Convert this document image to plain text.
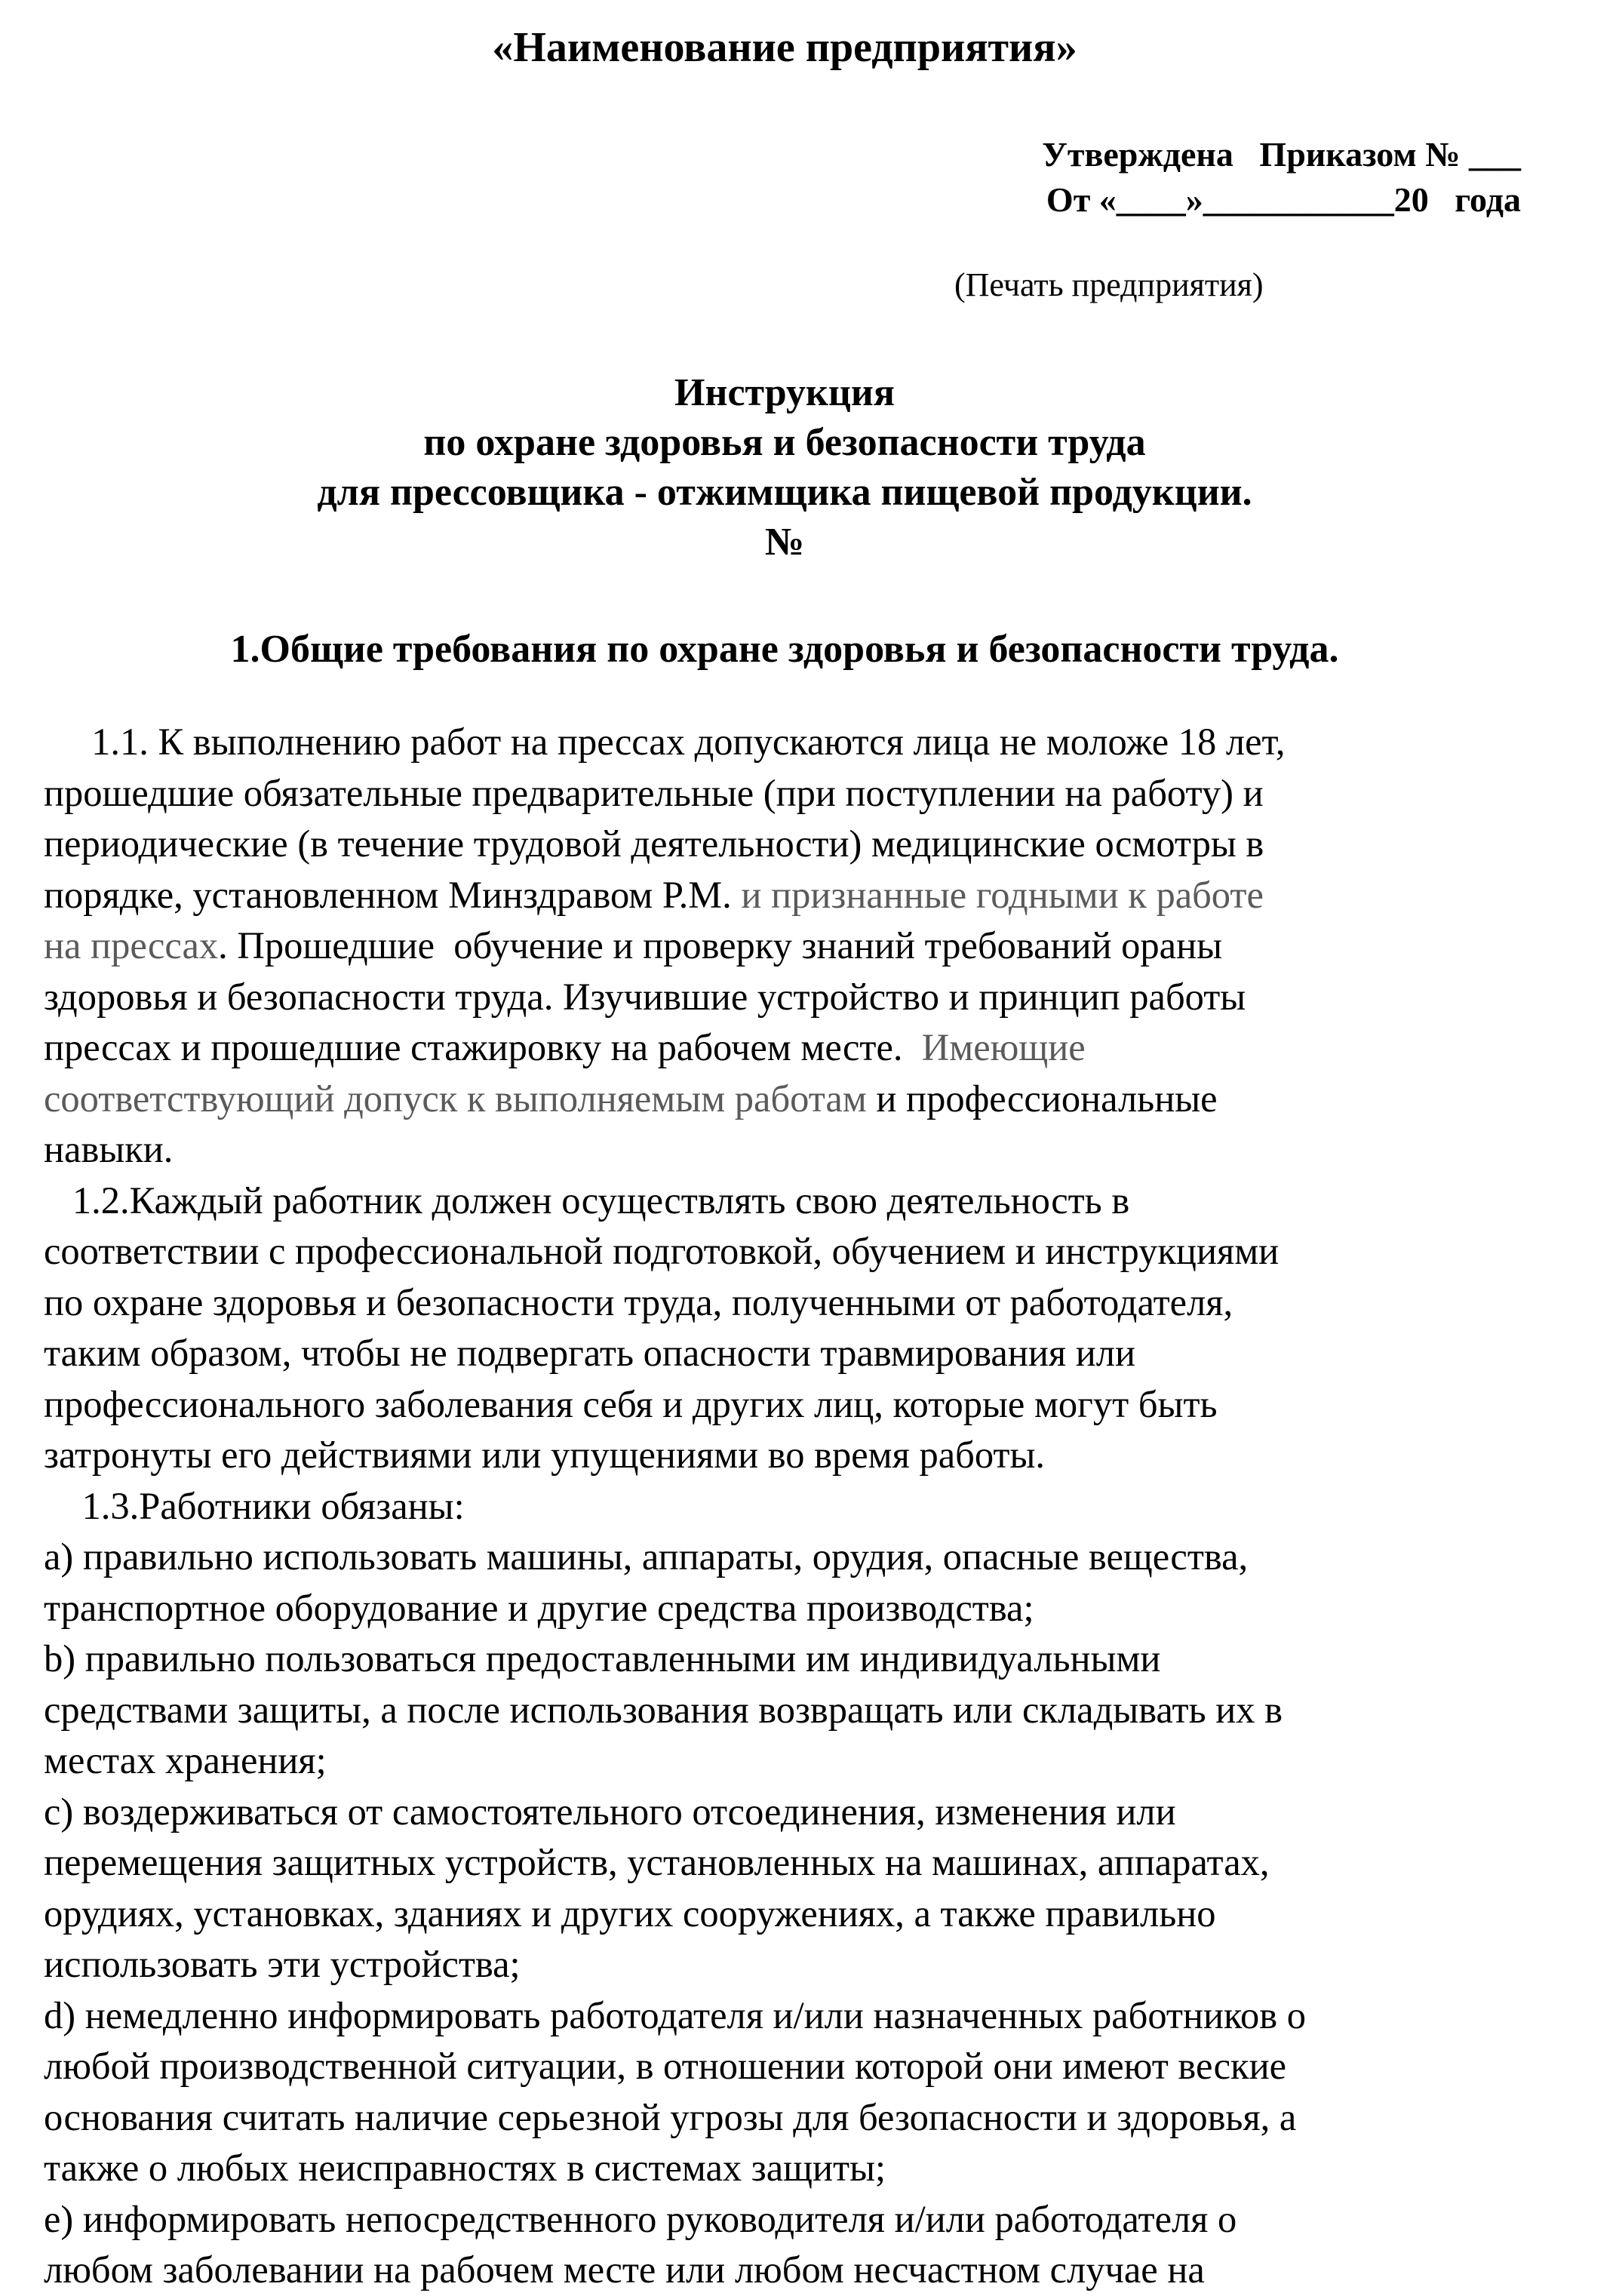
«Наименование предприятия»
Утверждена   Приказом № ___
От «____»___________20   года
(Печать предприятия)
Инструкция
по охране здоровья и безопасности труда
для прессовщика - отжимщика пищевой продукции.
№
1.Общие требования по охране здоровья и безопасности труда.
1.1. К выполнению работ на прессах допускаются лица не моложе 18 лет,
прошедшие обязательные предварительные (при поступлении на работу) и
периодические (в течение трудовой деятельности) медицинские осмотры в
порядке, установленном Минздравом Р.М. и признанные годными к работе
на прессах. Прошедшие  обучение и проверку знаний требований ораны
здоровья и безопасности труда. Изучившие устройство и принцип работы
прессах и прошедшие стажировку на рабочем месте.  Имеющие
соответствующий допуск к выполняемым работам и профессиональные
навыки.
1.2.Каждый работник должен осуществлять свою деятельность в
соответствии с профессиональной подготовкой, обучением и инструкциями
по охране здоровья и безопасности труда, полученными от работодателя,
таким образом, чтобы не подвергать опасности травмирования или
профессионального заболевания себя и других лиц, которые могут быть
затронуты его действиями или упущениями во время работы.
1.3.Работники обязаны:
a) правильно использовать машины, аппараты, орудия, опасные вещества,
транспортное оборудование и другие средства производства;
b) правильно пользоваться предоставленными им индивидуальными
средствами защиты, а после использования возвращать или складывать их в
местах хранения;
c) воздерживаться от самостоятельного отсоединения, изменения или
перемещения защитных устройств, установленных на машинах, аппаратах,
орудиях, установках, зданиях и других сооружениях, а также правильно
использовать эти устройства;
d) немедленно информировать работодателя и/или назначенных работников о
любой производственной ситуации, в отношении которой они имеют веские
основания считать наличие серьезной угрозы для безопасности и здоровья, а
также о любых неисправностях в системах защиты;
e) информировать непосредственного руководителя и/или работодателя о
любом заболевании на рабочем месте или любом несчастном случае на
